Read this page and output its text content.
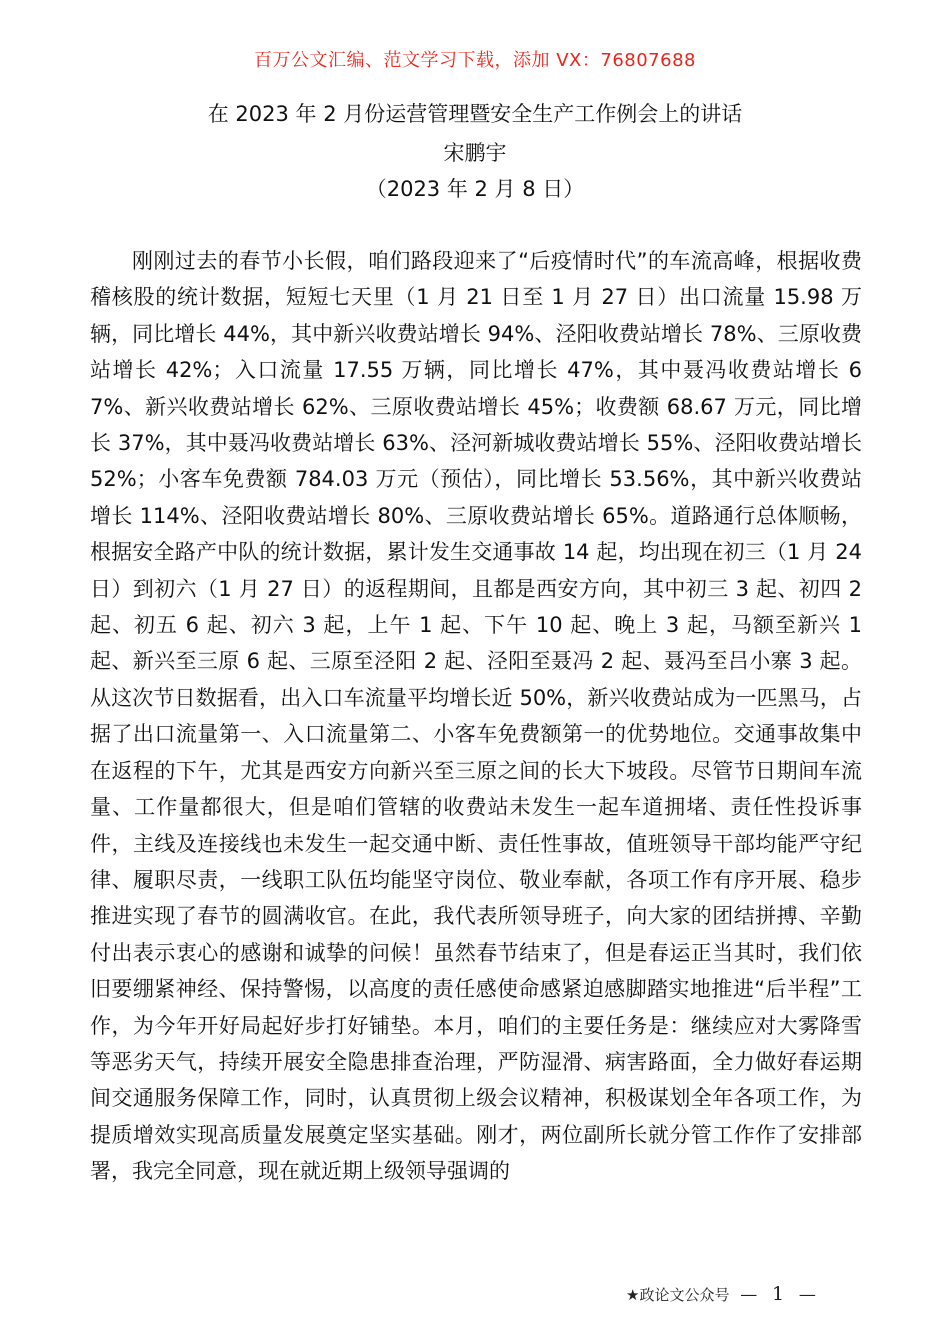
百万公文汇编、范文学习下载，添加 VX：76807688
在 2023 年 2 月份运营管理暨安全生产工作例会上的讲话
宋鹏宇
（2023 年 2 月 8 日）

刚刚过去的春节小长假，咱们路段迎来了“后疫情时代”的车流高峰，根据收费稽核股的统计数据，短短七天里（1 月 21 日至 1 月 27 日）出口流量 15.98 万辆，同比增长 44%，其中新兴收费站增长 94%、泾阳收费站增长 78%、三原收费站增长 42%；入口流量 17.55 万辆，同比增长 47%，其中聂冯收费站增长 67%、新兴收费站增长 62%、三原收费站增长 45%；收费额 68.67 万元，同比增长 37%，其中聂冯收费站增长 63%、泾河新城收费站增长 55%、泾阳收费站增长 52%；小客车免费额 784.03 万元（预估），同比增长 53.56%，其中新兴收费站增长 114%、泾阳收费站增长 80%、三原收费站增长 65%。道路通行总体顺畅，根据安全路产中队的统计数据，累计发生交通事故 14 起，均出现在初三（1 月 24 日）到初六（1 月 27 日）的返程期间，且都是西安方向，其中初三 3 起、初四 2 起、初五 6 起、初六 3 起，上午 1 起、下午 10 起、晚上 3 起，马额至新兴 1 起、新兴至三原 6 起、三原至泾阳 2 起、泾阳至聂冯 2 起、聂冯至吕小寨 3 起。从这次节日数据看，出入口车流量平均增长近 50%，新兴收费站成为一匹黑马，占据了出口流量第一、入口流量第二、小客车免费额第一的优势地位。交通事故集中在返程的下午，尤其是西安方向新兴至三原之间的长大下坡段。尽管节日期间车流量、工作量都很大，但是咱们管辖的收费站未发生一起车道拥堵、责任性投诉事件，主线及连接线也未发生一起交通中断、责任性事故，值班领导干部均能严守纪律、履职尽责，一线职工队伍均能坚守岗位、敬业奉献，各项工作有序开展、稳步推进实现了春节的圆满收官。在此，我代表所领导班子，向大家的团结拼搏、辛勤付出表示衷心的感谢和诚挚的问候！虽然春节结束了，但是春运正当其时，我们依旧要绷紧神经、保持警惕，以高度的责任感使命感紧迫感脚踏实地推进“后半程”工作，为今年开好局起好步打好铺垫。本月，咱们的主要任务是：继续应对大雾降雪等恶劣天气，持续开展安全隐患排查治理，严防湿滑、病害路面，全力做好春运期间交通服务保障工作，同时，认真贯彻上级会议精神，积极谋划全年各项工作，为提质增效实现高质量发展奠定坚实基础。刚才，两位副所长就分管工作作了安排部署，我完全同意，现在就近期上级领导强调的

★政论文公众号 — 1 —
